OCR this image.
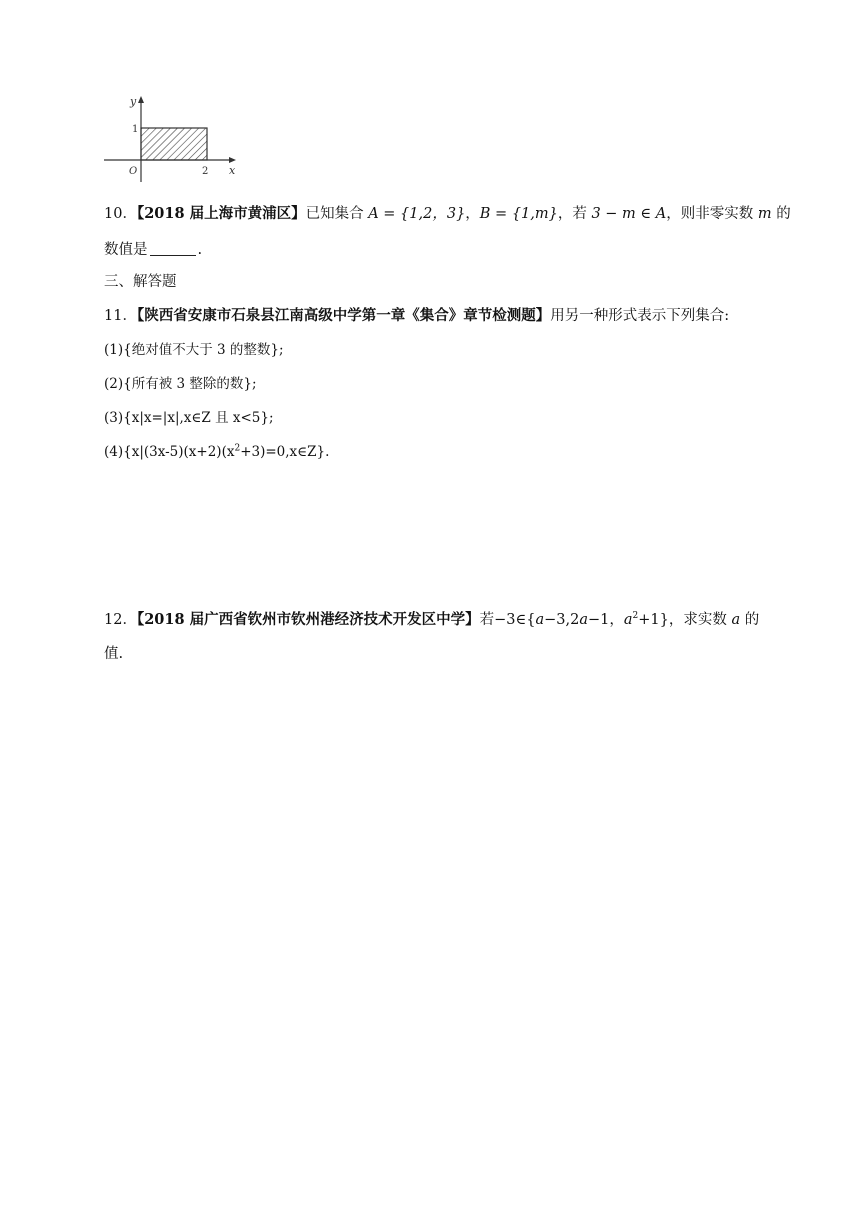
y
x
O
1
2
10．【2018 届上海市黄浦区】已知集合 A = {1,2，3}，B = {1,m}，若 3 − m ∈ A，则非零实数 m 的
数值是	.
三、解答题
11．【陕西省安康市石泉县江南高级中学第一章《集合》章节检测题】用另一种形式表示下列集合:
(1){绝对值不大于 3 的整数};
(2){所有被 3 整除的数};
(3){x|x=|x|,x∈Z 且 x<5};
$(4)\{x|(3x-5)(x+2)(x^2+3)=0,x\in Z\}$.
12．【2018 届广西省钦州市钦州港经济技术开发区中学】若−3∈{a−3,2a−1，$a^2+1$}，求实数 a 的
值.
